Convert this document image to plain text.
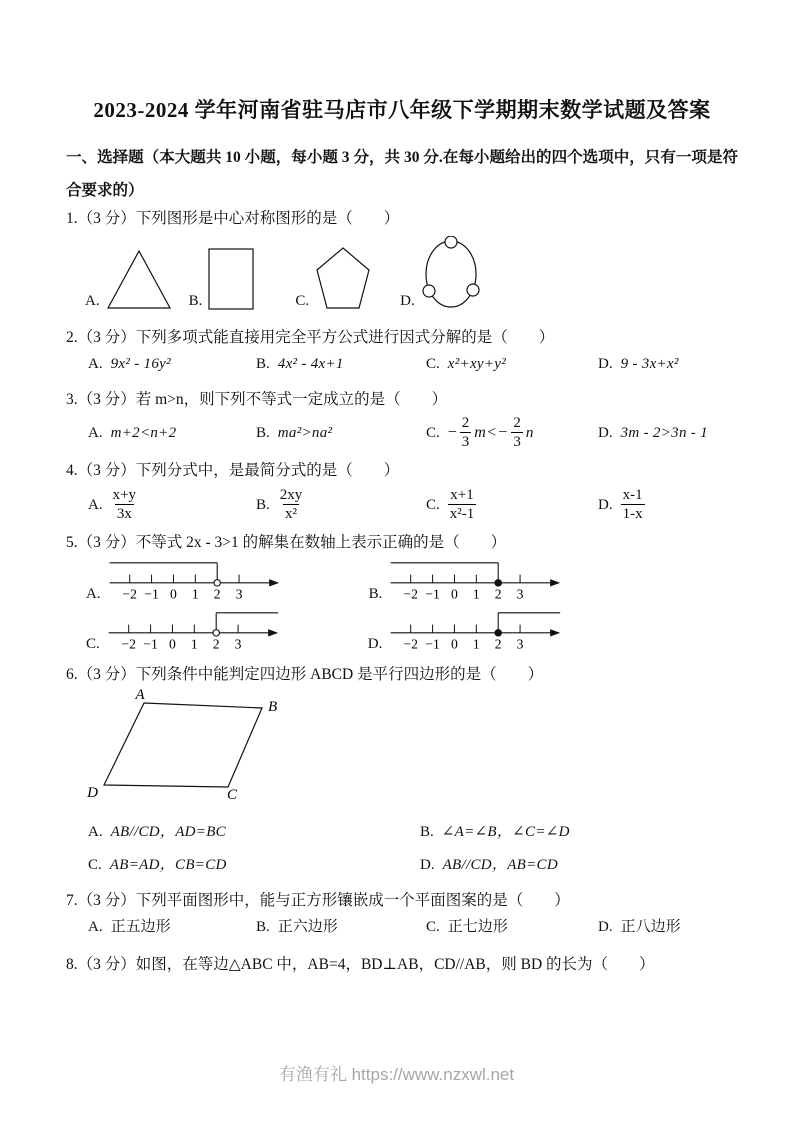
2023-2024 学年河南省驻马店市八年级下学期期末数学试题及答案

一、选择题（本大题共 10 小题，每小题 3 分，共 30 分.在每小题给出的四个选项中，只有一项是符合要求的）

1.（3 分）下列图形是中心对称图形的是（　　）

A.	B.	C.	D.

2.（3 分）下列多项式能直接用完全平方公式进行因式分解的是（　　）

A. 9x² - 16y²	B. 4x² - 4x+1	C. x²+xy+y²	D. 9 - 3x+x²

3.（3 分）若 m>n，则下列不等式一定成立的是（　　）

A. m+2<n+2	B. ma²>na²	C. − $\frac{2}{3} m<- \frac{2}{3}$ n	D. 3m - 2>3n - 1

4.（3 分）下列分式中，是最简分式的是（　　）

A. $\frac{x+y}{3x}$	B. $\frac{2xy}{\text{x²}}$	C. $\frac{x+1}{\text{x²-1}}$	D. $\frac{x-1}{1-x}$

5.（3 分）不等式 2x - 3>1 的解集在数轴上表示正确的是（　　）

A. −2 −1 0 1 2 3	B. −2 −1 0 1 2 3
C. −2 −1 0 1 2 3	D. −2 −1 0 1 2 3

6.（3 分）下列条件中能判定四边形 ABCD 是平行四边形的是（　　）

A
B
C
D
A. AB//CD，AD=BC	B. ∠A=∠B，∠C=∠D
C. AB=AD，CB=CD	D. AB//CD，AB=CD

7.（3 分）下列平面图形中，能与正方形镶嵌成一个平面图案的是（　　）

A. 正五边形	B. 正六边形	C. 正七边形	D. 正八边形

8.（3 分）如图，在等边△ABC 中，AB=4，BD⊥AB，CD//AB，则 BD 的长为（　　）

有渔有礼 https://www.nzxwl.net
